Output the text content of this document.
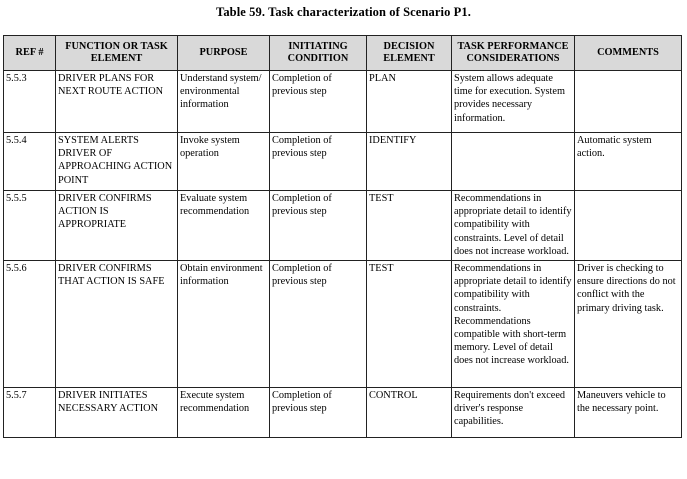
Table 59. Task characterization of Scenario P1.
REF #	FUNCTION OR TASK ELEMENT	PURPOSE	INITIATING CONDITION	DECISION ELEMENT	TASK PERFORMANCE CONSIDERATIONS	COMMENTS
5.5.3	DRIVER PLANS FOR NEXT ROUTE ACTION	Understand system/ environmental information	Completion of previous step	PLAN	System allows adequate time for execution. System provides necessary information.	
5.5.4	SYSTEM ALERTS DRIVER OF APPROACHING ACTION POINT	Invoke system operation	Completion of previous step	IDENTIFY		Automatic system action.
5.5.5	DRIVER CONFIRMS ACTION IS APPROPRIATE	Evaluate system recommendation	Completion of previous step	TEST	Recommendations in appropriate detail to identify compatibility with constraints. Level of detail does not increase workload.	
5.5.6	DRIVER CONFIRMS THAT ACTION IS SAFE	Obtain environment information	Completion of previous step	TEST	Recommendations in appropriate detail to identify compatibility with constraints. Recommendations compatible with short-term memory. Level of detail does not increase workload.	Driver is checking to ensure directions do not conflict with the primary driving task.
5.5.7	DRIVER INITIATES NECESSARY ACTION	Execute system recommendation	Completion of previous step	CONTROL	Requirements don't exceed driver's response capabilities.	Maneuvers vehicle to the necessary point.
